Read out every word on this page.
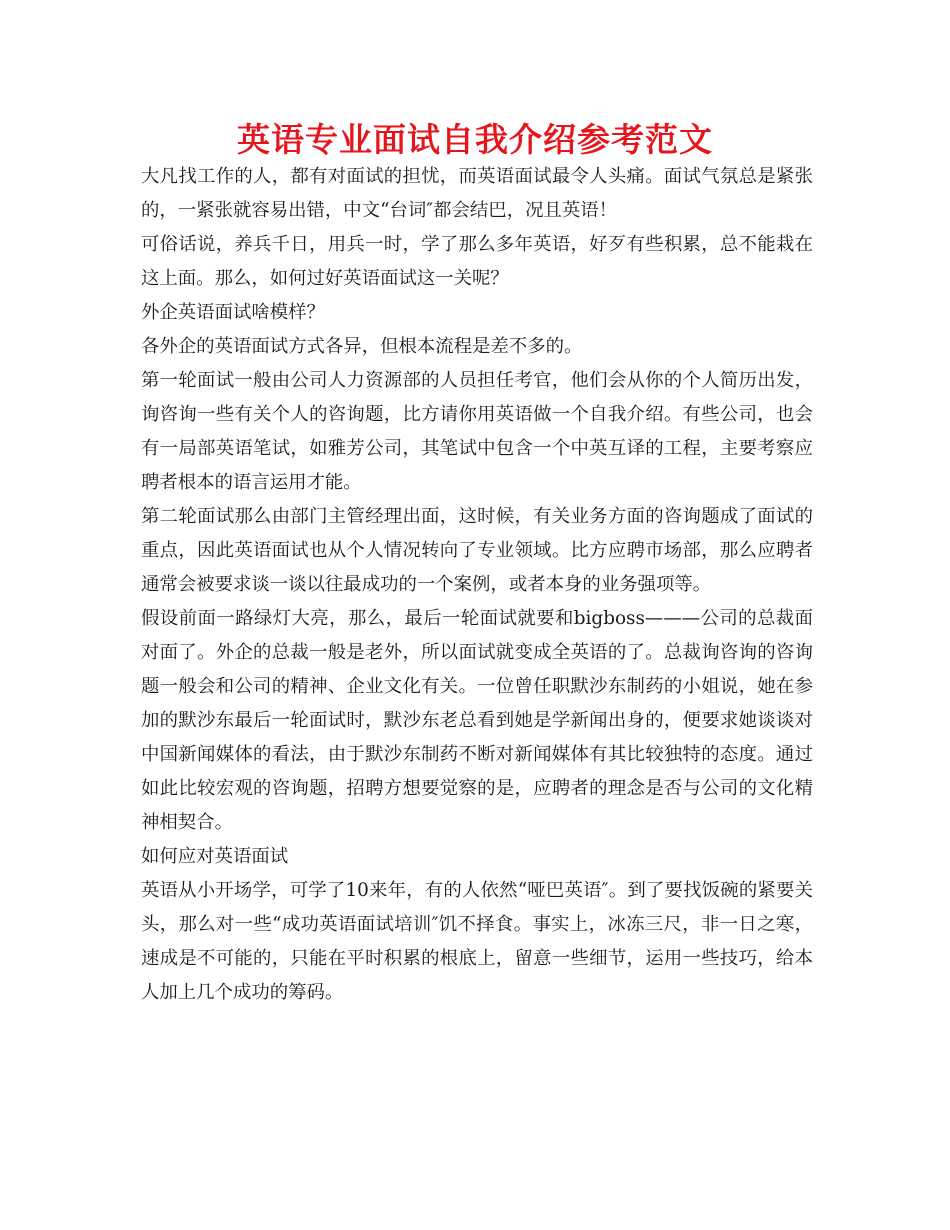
英语专业面试自我介绍参考范文

大凡找工作的人，都有对面试的担忧，而英语面试最令人头痛。面试气氛总是紧张的，一紧张就容易出错，中文“台词″都会结巴，况且英语！

可俗话说，养兵千日，用兵一时，学了那么多年英语，好歹有些积累，总不能栽在这上面。那么，如何过好英语面试这一关呢？

外企英语面试啥模样？

各外企的英语面试方式各异，但根本流程是差不多的。

第一轮面试一般由公司人力资源部的人员担任考官，他们会从你的个人简历出发，询咨询一些有关个人的咨询题，比方请你用英语做一个自我介绍。有些公司，也会有一局部英语笔试，如雅芳公司，其笔试中包含一个中英互译的工程，主要考察应聘者根本的语言运用才能。

第二轮面试那么由部门主管经理出面，这时候，有关业务方面的咨询题成了面试的重点，因此英语面试也从个人情况转向了专业领域。比方应聘市场部，那么应聘者通常会被要求谈一谈以往最成功的一个案例，或者本身的业务强项等。

假设前面一路绿灯大亮，那么，最后一轮面试就要和bigboss———公司的总裁面对面了。外企的总裁一般是老外，所以面试就变成全英语的了。总裁询咨询的咨询题一般会和公司的精神、企业文化有关。一位曾任职默沙东制药的小姐说，她在参加的默沙东最后一轮面试时，默沙东老总看到她是学新闻出身的，便要求她谈谈对中国新闻媒体的看法，由于默沙东制药不断对新闻媒体有其比较独特的态度。通过如此比较宏观的咨询题，招聘方想要觉察的是，应聘者的理念是否与公司的文化精神相契合。

如何应对英语面试

英语从小开场学，可学了10来年，有的人依然“哑巴英语″。到了要找饭碗的紧要关头，那么对一些“成功英语面试培训″饥不择食。事实上，冰冻三尺，非一日之寒，速成是不可能的，只能在平时积累的根底上，留意一些细节，运用一些技巧，给本人加上几个成功的筹码。
